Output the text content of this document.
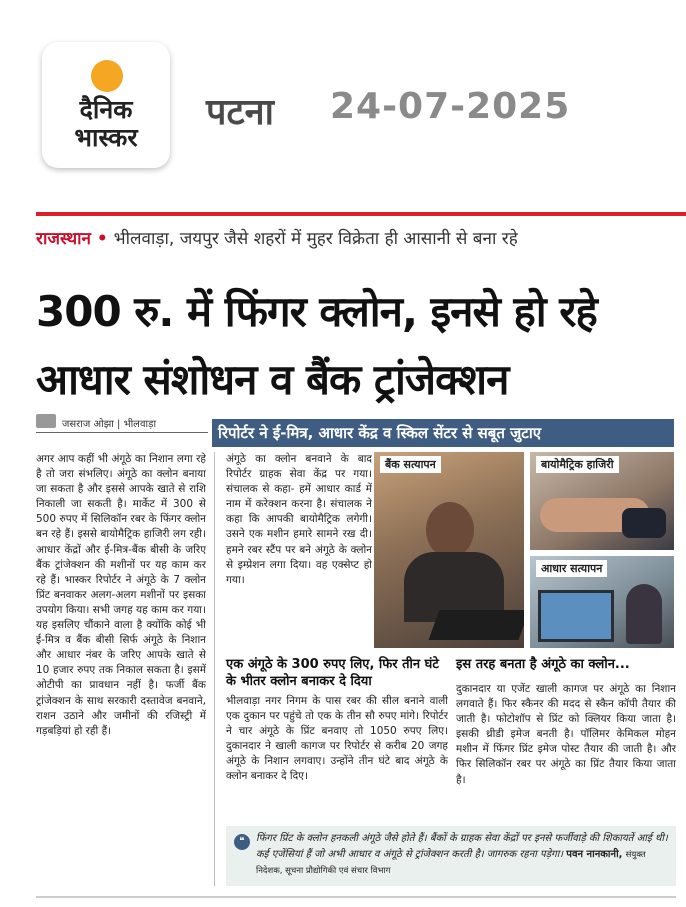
दैनिक
भास्कर
पटना 24-07-2025
राजस्थान • भीलवाड़ा, जयपुर जैसे शहरों में मुहर विक्रेता ही आसानी से बना रहे
300 रु. में फिंगर क्लोन, इनसे हो रहे
आधार संशोधन व बैंक ट्रांजेक्शन
जसराज ओझा | भीलवाड़ा	रिपोर्टर ने ई-मित्र, आधार केंद्र व स्किल सेंटर से सबूत जुटाए
अगर आप कहीं भी अंगूठे का निशान लगा रहे है तो जरा संभलिए। अंगूठे का क्लोन बनाया जा सकता है और इससे आपके खाते से राशि निकाली जा सकती है। मार्केट में 300 से 500 रुपए में सिलिकॉन रबर के फिंगर क्लोन बन रहे हैं। इससे बायोमैट्रिक हाजिरी लग रही। आधार केंद्रों और ई-मित्र-बैंक बीसी के जरिए बैंक ट्रांजेक्शन की मशीनों पर यह काम कर रहे हैं। भास्कर रिपोर्टर ने अंगूठे के 7 क्लोन प्रिंट बनवाकर अलग-अलग मशीनों पर इसका उपयोग किया। सभी जगह यह काम कर गया। यह इसलिए चौंकाने वाला है क्योंकि कोई भी ई-मित्र व बैंक बीसी सिर्फ अंगूठे के निशान और आधार नंबर के जरिए आपके खाते से 10 हजार रुपए तक निकाल सकता है। इसमें ओटीपी का प्रावधान नहीं है। फर्जी बैंक ट्रांजेक्शन के साथ सरकारी दस्तावेज बनवाने, राशन उठाने और जमीनों की रजिस्ट्री में गड़बड़ियां हो रही हैं।
अंगूठे का क्लोन बनवाने के बाद रिपोर्टर ग्राहक सेवा केंद्र पर गया। संचालक से कहा- हमें आधार कार्ड में नाम में करेक्शन करना है। संचालक ने कहा कि आपकी बायोमैट्रिक लगेगी। उसने एक मशीन हमारे सामने रख दी। हमने रबर स्टैंप पर बने अंगूठे के क्लोन से इम्प्रेशन लगा दिया। वह एक्सेप्ट हो गया।
बैंक सत्यापन	बायोमैट्रिक हाजिरी
आधार सत्यापन
एक अंगूठे के 300 रुपए लिए, फिर तीन घंटे के भीतर क्लोन बनाकर दे दिया
इस तरह बनता है अंगूठे का क्लोन...
भीलवाड़ा नगर निगम के पास रबर की सील बनाने वाली एक दुकान पर पहुंचे तो एक के तीन सौ रुपए मांगे। रिपोर्टर ने चार अंगूठे के प्रिंट बनवाए तो 1050 रुपए लिए। दुकानदार ने खाली कागज पर रिपोर्टर से करीब 20 जगह अंगूठे के निशान लगवाए। उन्होंने तीन घंटे बाद अंगूठे के क्लोन बनाकर दे दिए।
दुकानदार या एजेंट खाली कागज पर अंगूठे का निशान लगवाते हैं। फिर स्कैनर की मदद से स्कैन कॉपी तैयार की जाती है। फोटोशॉप से प्रिंट को क्लियर किया जाता है। इसकी थ्रीडी इमेज बनती है। पॉलिमर केमिकल मोहन मशीन में फिंगर प्रिंट इमेज पोस्ट तैयार की जाती है। और फिर सिलिकॉन रबर पर अंगूठे का प्रिंट तैयार किया जाता है।
❝	फिंगर प्रिंट के क्लोन हनकली अंगूठे जैसे होते हैं। बैंकों के ग्राहक सेवा केंद्रों पर इनसे फर्जीवाड़े की शिकायतें आई थी। कई एजेंसियां हैं जो अभी आधार व अंगूठे से ट्रांजेक्शन करती है। जागरुक रहना पड़ेगा। पवन नानकानी, संयुक्त निदेशक, सूचना प्रौद्योगिकी एवं संचार विभाग
